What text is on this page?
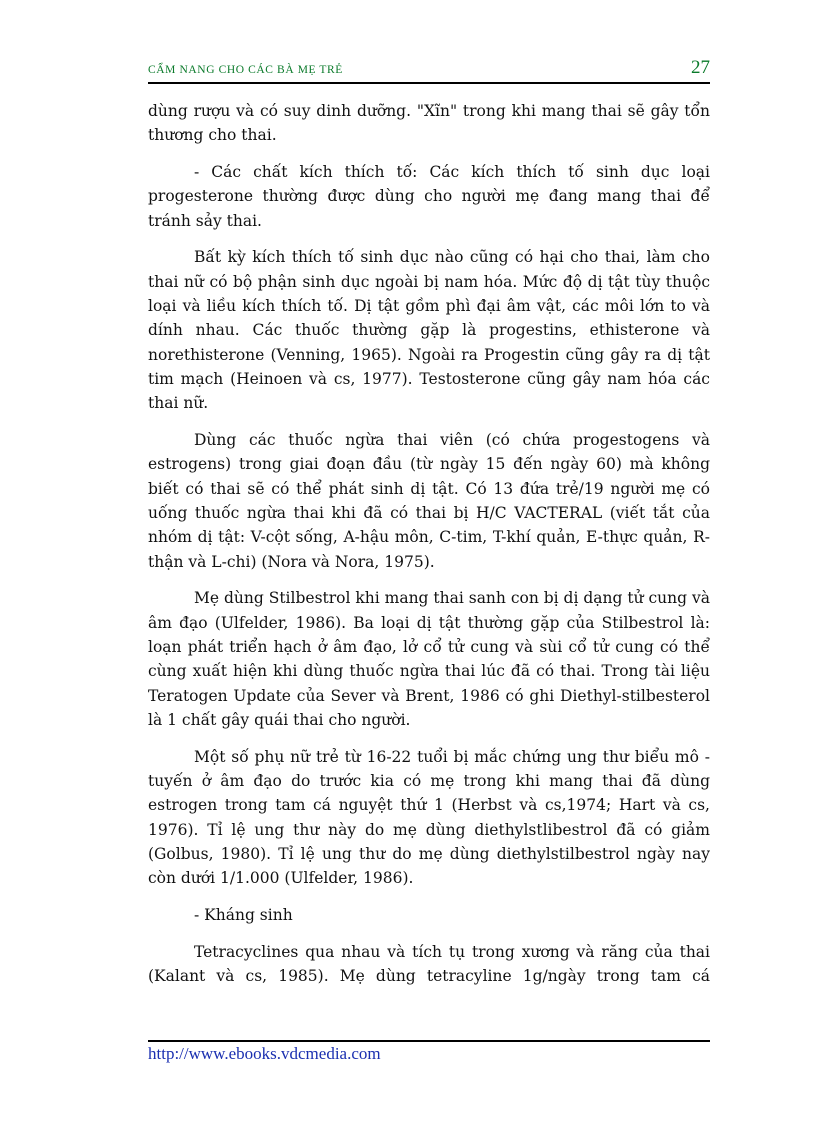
CẨM NANG CHO CÁC BÀ MẸ TRẺ	27

dùng rượu và có suy dinh dưỡng. "Xĩn" trong khi mang thai sẽ gây tổn thương cho thai.

- Các chất kích thích tố: Các kích thích tố sinh dục loại progesterone thường được dùng cho người mẹ đang mang thai để tránh sảy thai.

Bất kỳ kích thích tố sinh dục nào cũng có hại cho thai, làm cho thai nữ có bộ phận sinh dục ngoài bị nam hóa. Mức độ dị tật tùy thuộc loại và liều kích thích tố. Dị tật gồm phì đại âm vật, các môi lớn to và dính nhau. Các thuốc thường gặp là progestins, ethisterone và norethisterone (Venning, 1965). Ngoài ra Progestin cũng gây ra dị tật tim mạch (Heinoen và cs, 1977). Testosterone cũng gây nam hóa các thai nữ.

Dùng các thuốc ngừa thai viên (có chứa progestogens và estrogens) trong giai đoạn đầu (từ ngày 15 đến ngày 60) mà không biết có thai sẽ có thể phát sinh dị tật. Có 13 đứa trẻ/19 người mẹ có uống thuốc ngừa thai khi đã có thai bị H/C VACTERAL (viết tắt của nhóm dị tật: V-cột sống, A-hậu môn, C-tim, T-khí quản, E-thực quản, R-thận và L-chi) (Nora và Nora, 1975).

Mẹ dùng Stilbestrol khi mang thai sanh con bị dị dạng tử cung và âm đạo (Ulfelder, 1986). Ba loại dị tật thường gặp của Stilbestrol là: loạn phát triển hạch ở âm đạo, lở cổ tử cung và sùi cổ tử cung có thể cùng xuất hiện khi dùng thuốc ngừa thai lúc đã có thai. Trong tài liệu Teratogen Update của Sever và Brent, 1986 có ghi Diethyl-stilbesterol là 1 chất gây quái thai cho người.

Một số phụ nữ trẻ từ 16-22 tuổi bị mắc chứng ung thư biểu mô - tuyến ở âm đạo do trước kia có mẹ trong khi mang thai đã dùng estrogen trong tam cá nguyệt thứ 1 (Herbst và cs,1974; Hart và cs, 1976). Tỉ lệ ung thư này do mẹ dùng diethylstlibestrol đã có giảm (Golbus, 1980). Tỉ lệ ung thư do mẹ dùng diethylstilbestrol ngày nay còn dưới 1/1.000 (Ulfelder, 1986).

- Kháng sinh

Tetracyclines qua nhau và tích tụ trong xương và răng của thai (Kalant và cs, 1985). Mẹ dùng tetracyline 1g/ngày trong tam cá

http://www.ebooks.vdcmedia.com
